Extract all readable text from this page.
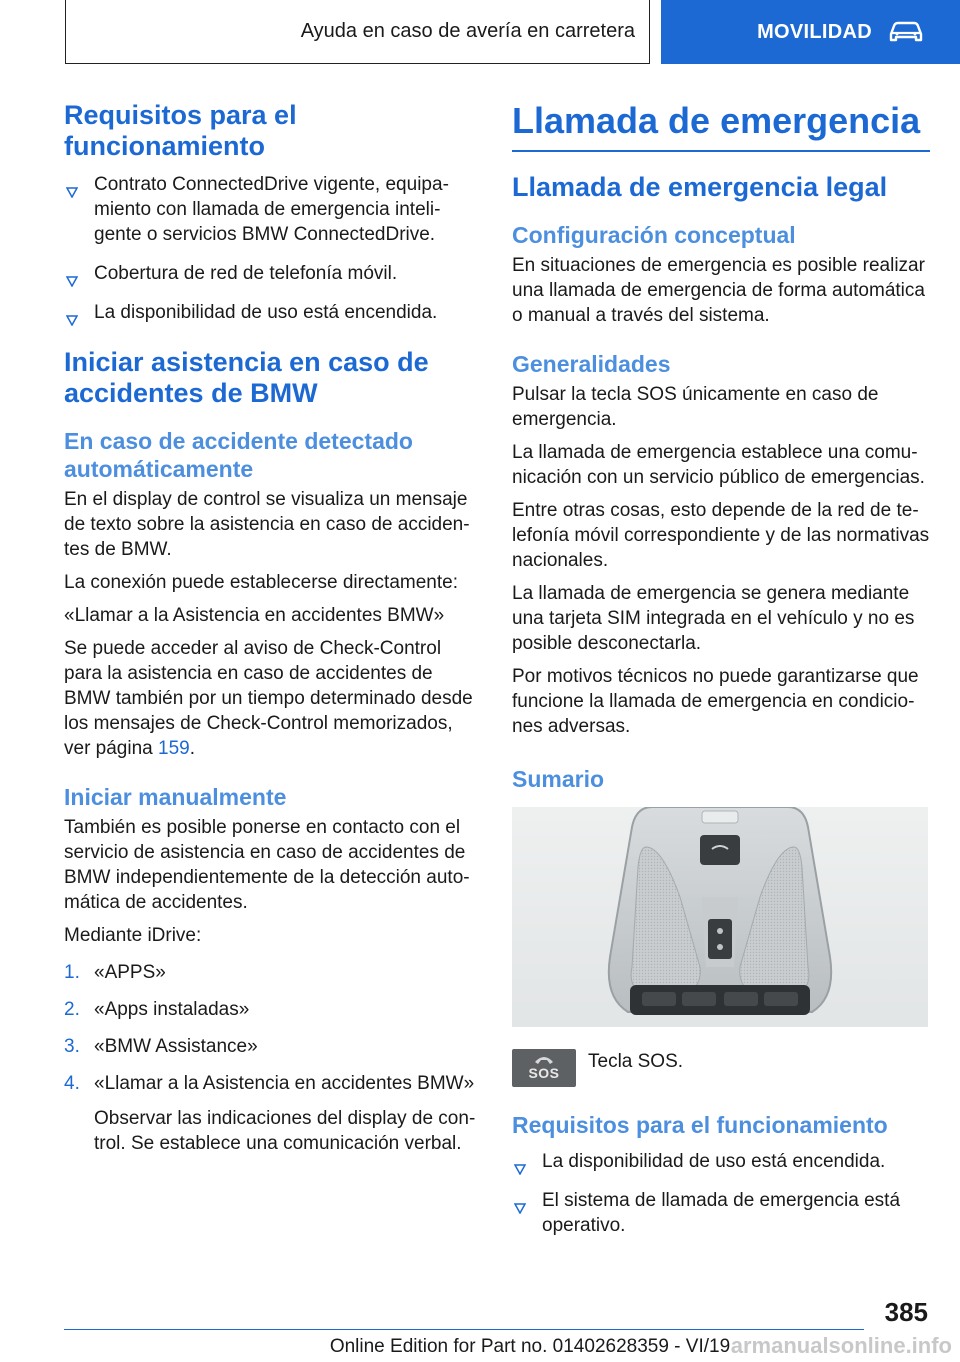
Ayuda en caso de avería en carretera	MOVILIDAD
Requisitos para el funcionamiento
Contrato ConnectedDrive vigente, equipamiento con llamada de emergencia inteligente o servicios BMW ConnectedDrive.
Cobertura de red de telefonía móvil.
La disponibilidad de uso está encendida.
Iniciar asistencia en caso de accidentes de BMW
En caso de accidente detectado automáticamente

En el display de control se visualiza un mensaje de texto sobre la asistencia en caso de accidentes de BMW.

La conexión puede establecerse directamente:

«Llamar a la Asistencia en accidentes BMW»

Se puede acceder al aviso de Check-Control para la asistencia en caso de accidentes de BMW también por un tiempo determinado desde los mensajes de Check-Control memorizados, ver página 159.

Iniciar manualmente

También es posible ponerse en contacto con el servicio de asistencia en caso de accidentes de BMW independientemente de la detección automática de accidentes.

Mediante iDrive:

1. «APPS»
2. «Apps instaladas»
3. «BMW Assistance»
4. «Llamar a la Asistencia en accidentes BMW»
Observar las indicaciones del display de control. Se establece una comunicación verbal.
Llamada de emergencia
Llamada de emergencia legal
Configuración conceptual

En situaciones de emergencia es posible realizar una llamada de emergencia de forma automática o manual a través del sistema.

Generalidades

Pulsar la tecla SOS únicamente en caso de emergencia.

La llamada de emergencia establece una comunicación con un servicio público de emergencias.

Entre otras cosas, esto depende de la red de telefonía móvil correspondiente y de las normativas nacionales.

La llamada de emergencia se genera mediante una tarjeta SIM integrada en el vehículo y no es posible desconectarla.

Por motivos técnicos no puede garantizarse que funcione la llamada de emergencia en condiciones adversas.

Sumario
SOS
Tecla SOS.
Requisitos para el funcionamiento
La disponibilidad de uso está encendida.
El sistema de llamada de emergencia está operativo.
385
Online Edition for Part no. 01402628359 - VI/19 armanualsonline.info
